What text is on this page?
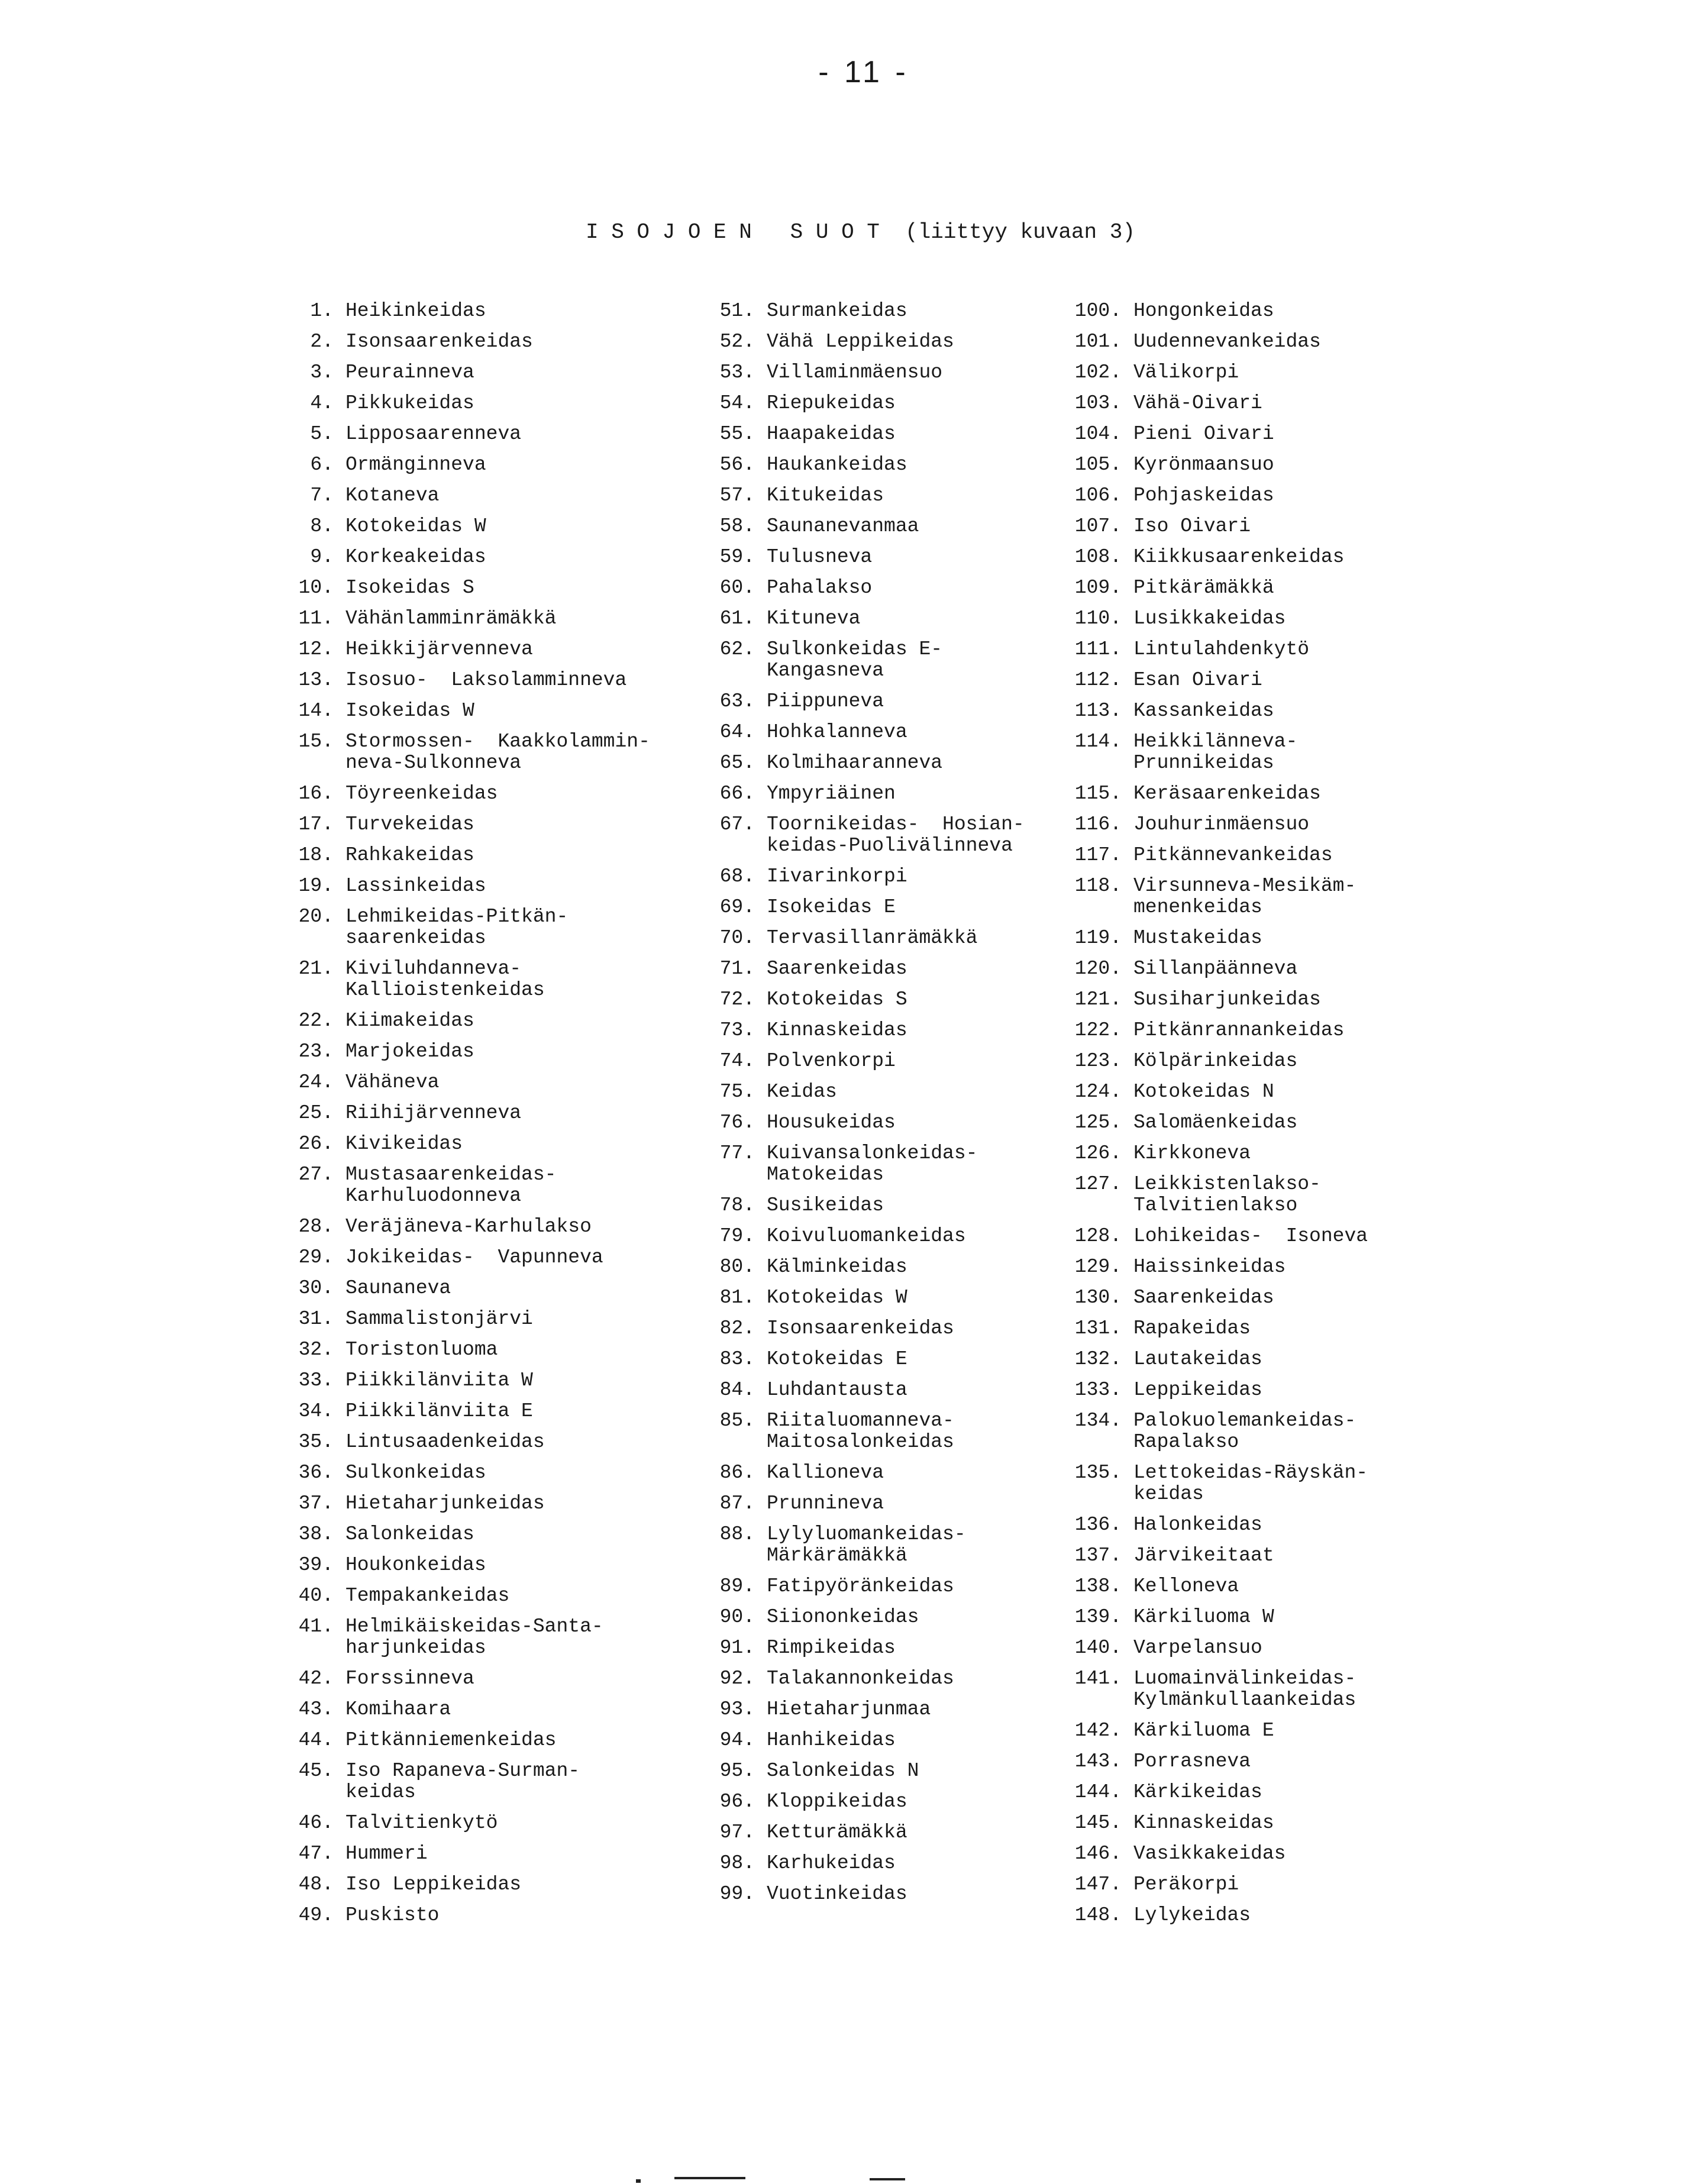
- 11 -
I S O J O E N   S U O T  (liittyy kuvaan 3)
1. Heikinkeidas
2. Isonsaarenkeidas
3. Peurainneva
4. Pikkukeidas
5. Lipposaarenneva
6. Ormänginneva
7. Kotaneva
8. Kotokeidas W
9. Korkeakeidas
10. Isokeidas S
11. Vähänlamminrämäkkä
12. Heikkijärvenneva
13. Isosuo-  Laksolamminneva
14. Isokeidas W
15. Stormossen-  Kaakkolammin-
neva-Sulkonneva
16. Töyreenkeidas
17. Turvekeidas
18. Rahkakeidas
19. Lassinkeidas
20. Lehmikeidas-Pitkän-
saarenkeidas
21. Kiviluhdanneva-
Kallioistenkeidas
22. Kiimakeidas
23. Marjokeidas
24. Vähäneva
25. Riihijärvenneva
26. Kivikeidas
27. Mustasaarenkeidas-
Karhuluodonneva
28. Veräjäneva-Karhulakso
29. Jokikeidas-  Vapunneva
30. Saunaneva
31. Sammalistonjärvi
32. Toristonluoma
33. Piikkilänviita W
34. Piikkilänviita E
35. Lintusaadenkeidas
36. Sulkonkeidas
37. Hietaharjunkeidas
38. Salonkeidas
39. Houkonkeidas
40. Tempakankeidas
41. Helmikäiskeidas-Santa-
harjunkeidas
42. Forssinneva
43. Komihaara
44. Pitkänniemenkeidas
45. Iso Rapaneva-Surman-
keidas
46. Talvitienkytö
47. Hummeri
48. Iso Leppikeidas
49. Puskisto
51. Surmankeidas
52. Vähä Leppikeidas
53. Villaminmäensuo
54. Riepukeidas
55. Haapakeidas
56. Haukankeidas
57. Kitukeidas
58. Saunanevanmaa
59. Tulusneva
60. Pahalakso
61. Kituneva
62. Sulkonkeidas E-
Kangasneva
63. Piippuneva
64. Hohkalanneva
65. Kolmihaaranneva
66. Ympyriäinen
67. Toornikeidas-  Hosian-
keidas-Puolivälinneva
68. Iivarinkorpi
69. Isokeidas E
70. Tervasillanrämäkkä
71. Saarenkeidas
72. Kotokeidas S
73. Kinnaskeidas
74. Polvenkorpi
75. Keidas
76. Housukeidas
77. Kuivansalonkeidas-
Matokeidas
78. Susikeidas
79. Koivuluomankeidas
80. Kälminkeidas
81. Kotokeidas W
82. Isonsaarenkeidas
83. Kotokeidas E
84. Luhdantausta
85. Riitaluomanneva-
Maitosalonkeidas
86. Kallioneva
87. Prunnineva
88. Lylyluomankeidas-
Märkärämäkkä
89. Fatipyöränkeidas
90. Siiononkeidas
91. Rimpikeidas
92. Talakannonkeidas
93. Hietaharjunmaa
94. Hanhikeidas
95. Salonkeidas N
96. Kloppikeidas
97. Ketturämäkkä
98. Karhukeidas
99. Vuotinkeidas
100. Hongonkeidas
101. Uudennevankeidas
102. Välikorpi
103. Vähä-Oivari
104. Pieni Oivari
105. Kyrönmaansuo
106. Pohjaskeidas
107. Iso Oivari
108. Kiikkusaarenkeidas
109. Pitkärämäkkä
110. Lusikkakeidas
111. Lintulahdenkytö
112. Esan Oivari
113. Kassankeidas
114. Heikkilänneva-
Prunnikeidas
115. Keräsaarenkeidas
116. Jouhurinmäensuo
117. Pitkännevankeidas
118. Virsunneva-Mesikäm-
menenkeidas
119. Mustakeidas
120. Sillanpäänneva
121. Susiharjunkeidas
122. Pitkänrannankeidas
123. Kölpärinkeidas
124. Kotokeidas N
125. Salomäenkeidas
126. Kirkkoneva
127. Leikkistenlakso-
Talvitienlakso
128. Lohikeidas-  Isoneva
129. Haissinkeidas
130. Saarenkeidas
131. Rapakeidas
132. Lautakeidas
133. Leppikeidas
134. Palokuolemankeidas-
Rapalakso
135. Lettokeidas-Räyskän-
keidas
136. Halonkeidas
137. Järvikeitaat
138. Kelloneva
139. Kärkiluoma W
140. Varpelansuo
141. Luomainvälinkeidas-
Kylmänkullaankeidas
142. Kärkiluoma E
143. Porrasneva
144. Kärkikeidas
145. Kinnaskeidas
146. Vasikkakeidas
147. Peräkorpi
148. Lylykeidas
